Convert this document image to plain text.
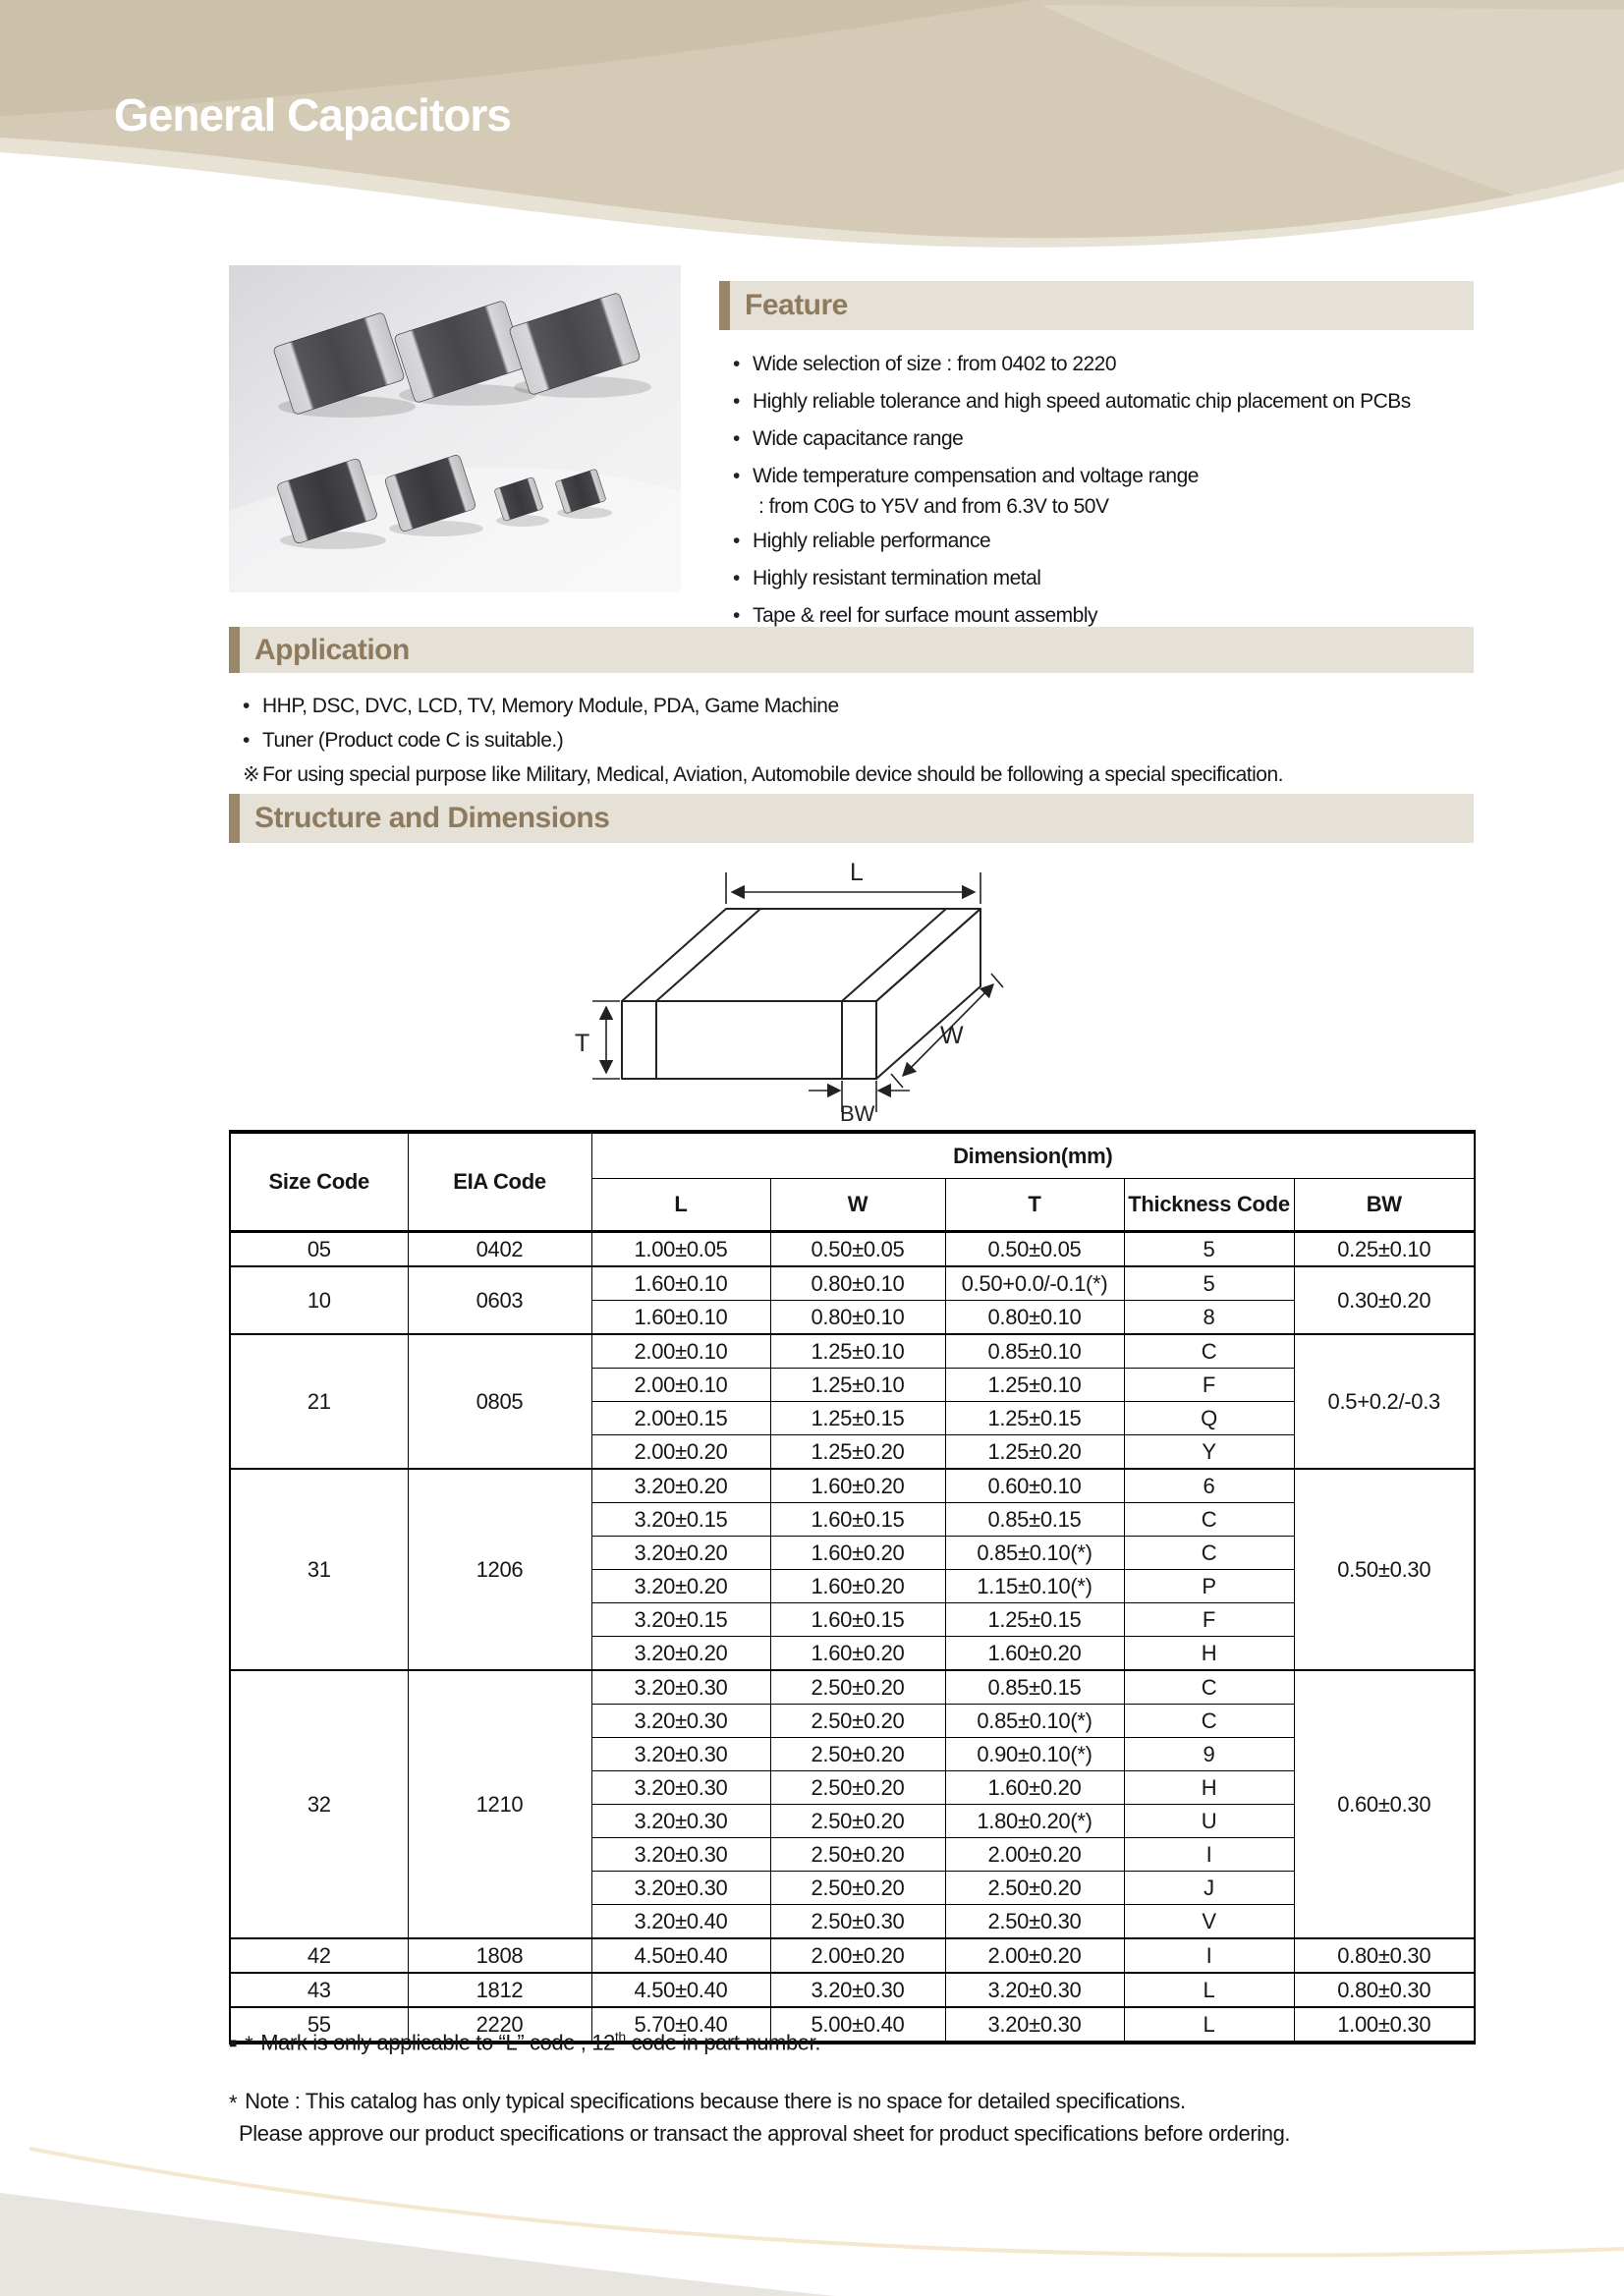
General Capacitors
Feature
• Wide selection of size : from 0402 to 2220
• Highly reliable tolerance and high speed automatic chip placement on PCBs
• Wide capacitance range
• Wide temperature compensation and voltage range
: from C0G to Y5V and from 6.3V to 50V
• Highly reliable performance
• Highly resistant termination metal
• Tape & reel for surface mount assembly
Application
• HHP, DSC, DVC, LCD, TV, Memory Module, PDA, Game Machine
• Tuner (Product code C is suitable.)
※ For using special purpose like Military, Medical, Aviation, Automobile device should be following a special specification.
Structure and Dimensions
L
T	W
BW
Size Code	EIA Code	Dimension(mm)				
		L	W	T	Thickness Code	BW
05	0402	1.00±0.05	0.50±0.05	0.50±0.05	5	0.25±0.10
10	0603	1.60±0.10	0.80±0.10	0.50+0.0/-0.1(*)	5	0.30±0.20
		1.60±0.10	0.80±0.10	0.80±0.10	8	
21	0805	2.00±0.10	1.25±0.10	0.85±0.10	C	0.5+0.2/-0.3
		2.00±0.10	1.25±0.10	1.25±0.10	F	
		2.00±0.15	1.25±0.15	1.25±0.15	Q	
		2.00±0.20	1.25±0.20	1.25±0.20	Y	
31	1206	3.20±0.20	1.60±0.20	0.60±0.10	6	0.50±0.30
		3.20±0.15	1.60±0.15	0.85±0.15	C	
		3.20±0.20	1.60±0.20	0.85±0.10(*)	C	
		3.20±0.20	1.60±0.20	1.15±0.10(*)	P	
		3.20±0.15	1.60±0.15	1.25±0.15	F	
		3.20±0.20	1.60±0.20	1.60±0.20	H	
32	1210	3.20±0.30	2.50±0.20	0.85±0.15	C	0.60±0.30
		3.20±0.30	2.50±0.20	0.85±0.10(*)	C	
		3.20±0.30	2.50±0.20	0.90±0.10(*)	9	
		3.20±0.30	2.50±0.20	1.60±0.20	H	
		3.20±0.30	2.50±0.20	1.80±0.20(*)	U	
		3.20±0.30	2.50±0.20	2.00±0.20	I	
		3.20±0.30	2.50±0.20	2.50±0.20	J	
		3.20±0.40	2.50±0.30	2.50±0.30	V	
42	1808	4.50±0.40	2.00±0.20	2.00±0.20	I	0.80±0.30
43	1812	4.50±0.40	3.20±0.30	3.20±0.30	L	0.80±0.30
55	2220	5.70±0.40	5.00±0.40	3.20±0.30	L	1.00±0.30

■ * Mark is only applicable to “L” code , 12th code in part number.

* Note : This catalog has only typical specifications because there is no space for detailed specifications.
Please approve our product specifications or transact the approval sheet for product specifications before ordering.
